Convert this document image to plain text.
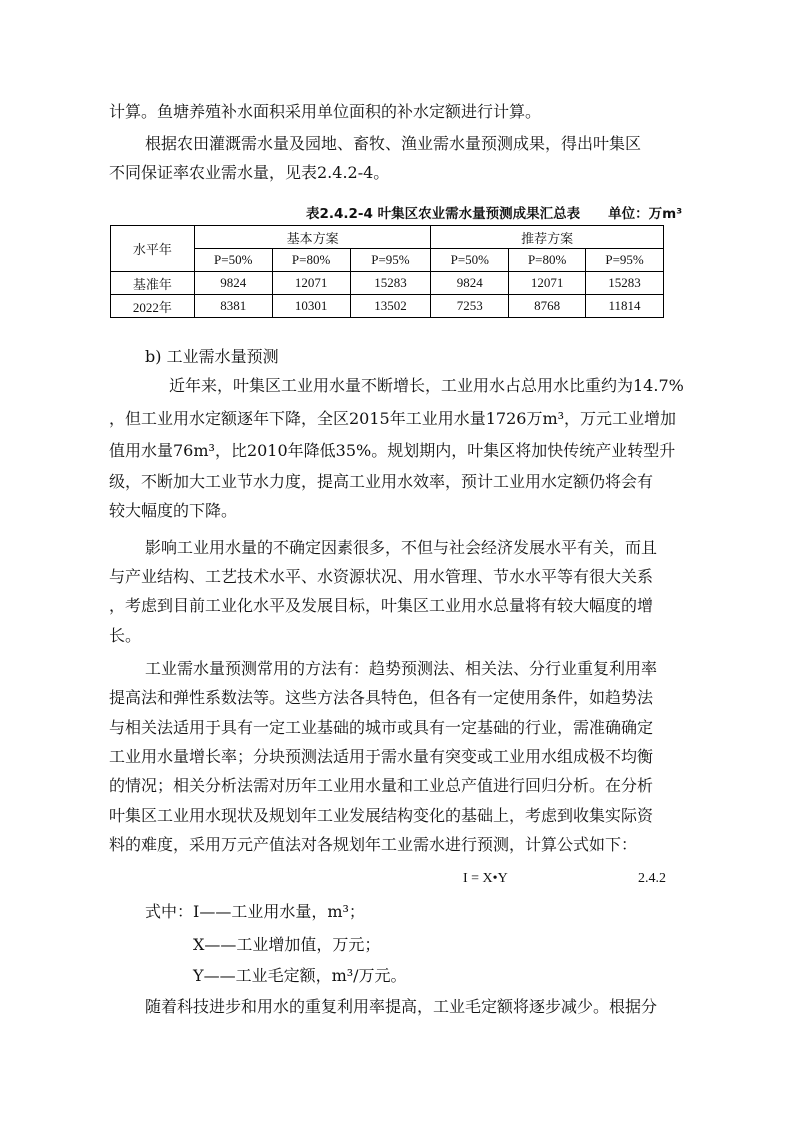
计算。鱼塘养殖补水面积采用单位面积的补水定额进行计算。
根据农田灌溉需水量及园地、畜牧、渔业需水量预测成果，得出叶集区
不同保证率农业需水量，见表2.4.2-4。
表2.4.2-4 叶集区农业需水量预测成果汇总表 单位：万m³
水平年	基本方案			推荐方案		
	P=50%	P=80%	P=95%	P=50%	P=80%	P=95%
基准年	9824	12071	15283	9824	12071	15283
2022年	8381	10301	13502	7253	8768	11814
b) 工业需水量预测
近年来，叶集区工业用水量不断增长，工业用水占总用水比重约为14.7%
，但工业用水定额逐年下降，全区2015年工业用水量1726万m³，万元工业增加
值用水量76m³，比2010年降低35%。规划期内，叶集区将加快传统产业转型升
级，不断加大工业节水力度，提高工业用水效率，预计工业用水定额仍将会有
较大幅度的下降。
影响工业用水量的不确定因素很多，不但与社会经济发展水平有关，而且
与产业结构、工艺技术水平、水资源状况、用水管理、节水水平等有很大关系
，考虑到目前工业化水平及发展目标，叶集区工业用水总量将有较大幅度的增
长。
工业需水量预测常用的方法有：趋势预测法、相关法、分行业重复利用率
提高法和弹性系数法等。这些方法各具特色，但各有一定使用条件，如趋势法
与相关法适用于具有一定工业基础的城市或具有一定基础的行业，需准确确定
工业用水量增长率；分块预测法适用于需水量有突变或工业用水组成极不均衡
的情况；相关分析法需对历年工业用水量和工业总产值进行回归分析。在分析
叶集区工业用水现状及规划年工业发展结构变化的基础上，考虑到收集实际资
料的难度，采用万元产值法对各规划年工业需水进行预测，计算公式如下：
I = X•Y	2.4.2
式中：I——工业用水量，m³；
X——工业增加值，万元；
Y——工业毛定额，m³/万元。
随着科技进步和用水的重复利用率提高，工业毛定额将逐步减少。根据分
